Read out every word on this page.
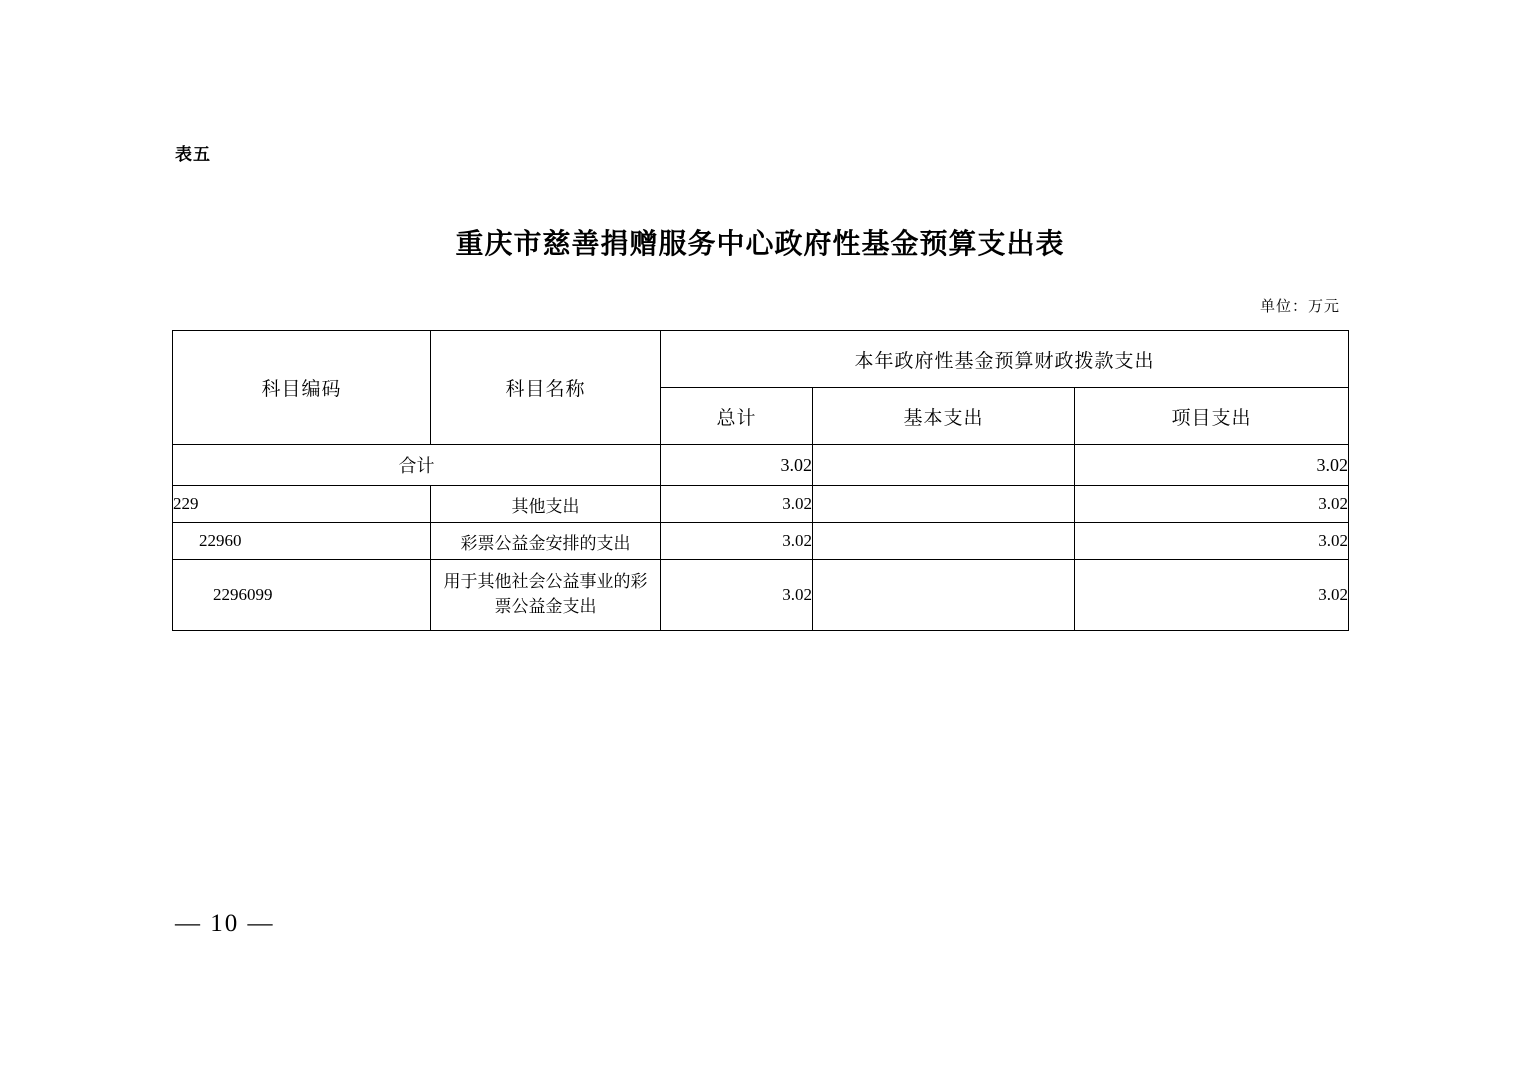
表五
重庆市慈善捐赠服务中心政府性基金预算支出表
单位：万元
科目编码	科目名称	本年政府性基金预算财政拨款支出		
		总计	基本支出	项目支出
合计		3.02		3.02
229	其他支出	3.02		3.02
22960	彩票公益金安排的支出	3.02		3.02
2296099	用于其他社会公益事业的彩票公益金支出	3.02		3.02
— 10 —
